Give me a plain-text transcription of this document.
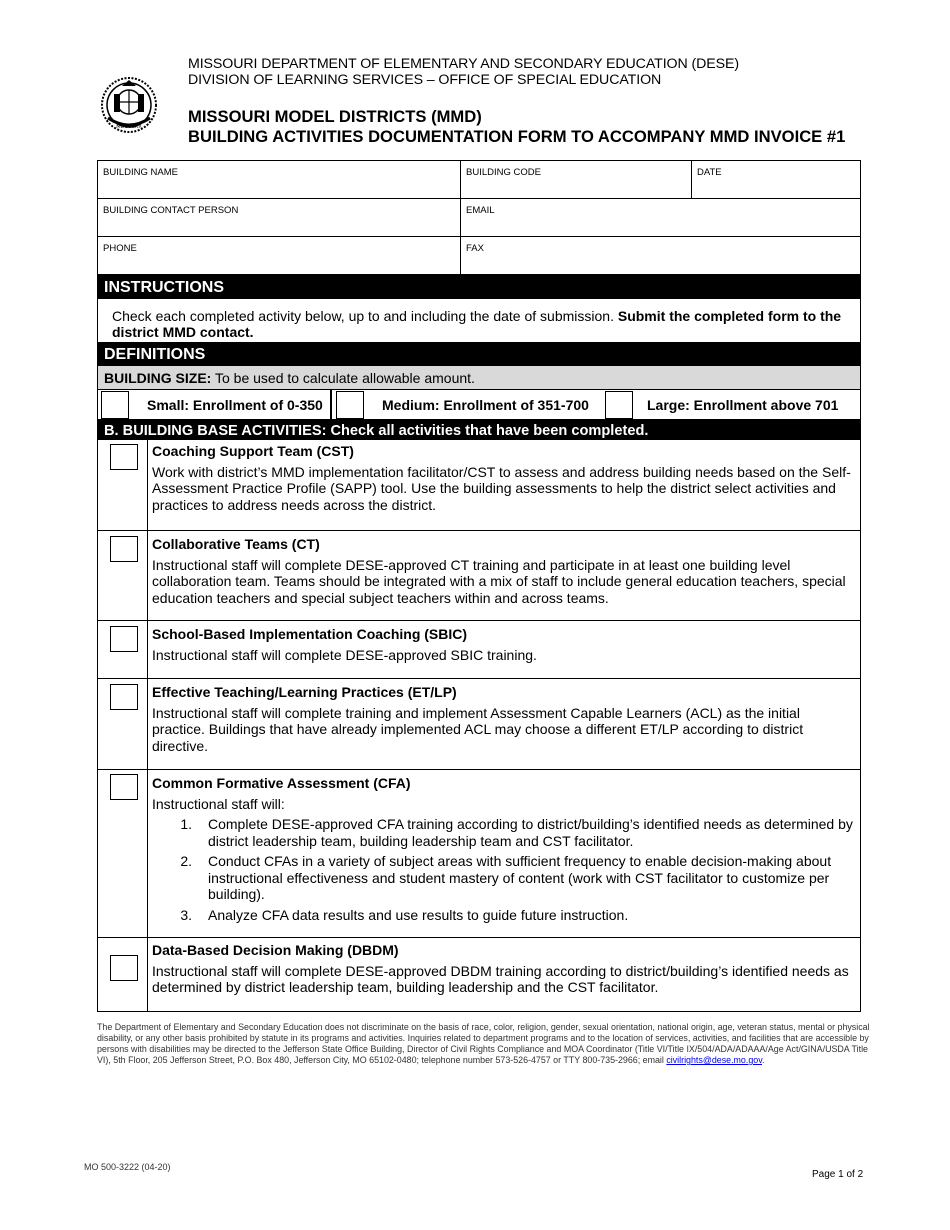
MDCCCXX
MISSOURI DEPARTMENT OF ELEMENTARY AND SECONDARY EDUCATION (DESE)
DIVISION OF LEARNING SERVICES – OFFICE OF SPECIAL EDUCATION
MISSOURI MODEL DISTRICTS (MMD)
BUILDING ACTIVITIES DOCUMENTATION FORM TO ACCOMPANY MMD INVOICE #1
BUILDING NAME	BUILDING CODE	DATE
BUILDING CONTACT PERSON	EMAIL
PHONE	FAX
INSTRUCTIONS
Check each completed activity below, up to and including the date of submission. Submit the completed form to the district MMD contact.
DEFINITIONS
BUILDING SIZE: To be used to calculate allowable amount.
Small: Enrollment of 0-350	Medium: Enrollment of 351-700	Large: Enrollment above 701
B. BUILDING BASE ACTIVITIES: Check all activities that have been completed.
Coaching Support Team (CST)
Work with district’s MMD implementation facilitator/CST to assess and address building needs based on the Self-Assessment Practice Profile (SAPP) tool. Use the building assessments to help the district select activities and practices to address needs across the district.
Collaborative Teams (CT)
Instructional staff will complete DESE-approved CT training and participate in at least one building level collaboration team. Teams should be integrated with a mix of staff to include general education teachers, special education teachers and special subject teachers within and across teams.
School-Based Implementation Coaching (SBIC)
Instructional staff will complete DESE-approved SBIC training.
Effective Teaching/Learning Practices (ET/LP)
Instructional staff will complete training and implement Assessment Capable Learners (ACL) as the initial practice. Buildings that have already implemented ACL may choose a different ET/LP according to district directive.
Common Formative Assessment (CFA)
Instructional staff will:
1.	Complete DESE-approved CFA training according to district/building’s identified needs as determined by district leadership team, building leadership team and CST facilitator.
2.	Conduct CFAs in a variety of subject areas with sufficient frequency to enable decision-making about instructional effectiveness and student mastery of content (work with CST facilitator to customize per building).
3.	Analyze CFA data results and use results to guide future instruction.
Data-Based Decision Making (DBDM)
Instructional staff will complete DESE-approved DBDM training according to district/building’s identified needs as determined by district leadership team, building leadership and the CST facilitator.
The Department of Elementary and Secondary Education does not discriminate on the basis of race, color, religion, gender, sexual orientation, national origin, age, veteran status, mental or physical disability, or any other basis prohibited by statute in its programs and activities. Inquiries related to department programs and to the location of services, activities, and facilities that are accessible by persons with disabilities may be directed to the Jefferson State Office Building, Director of Civil Rights Compliance and MOA Coordinator (Title VI/Title IX/504/ADA/ADAAA/Age Act/GINA/USDA Title VI), 5th Floor, 205 Jefferson Street, P.O. Box 480, Jefferson City, MO 65102-0480; telephone number 573-526-4757 or TTY 800-735-2966; email civilrights@dese.mo.gov.
MO 500-3222 (04-20)
Page 1 of 2
